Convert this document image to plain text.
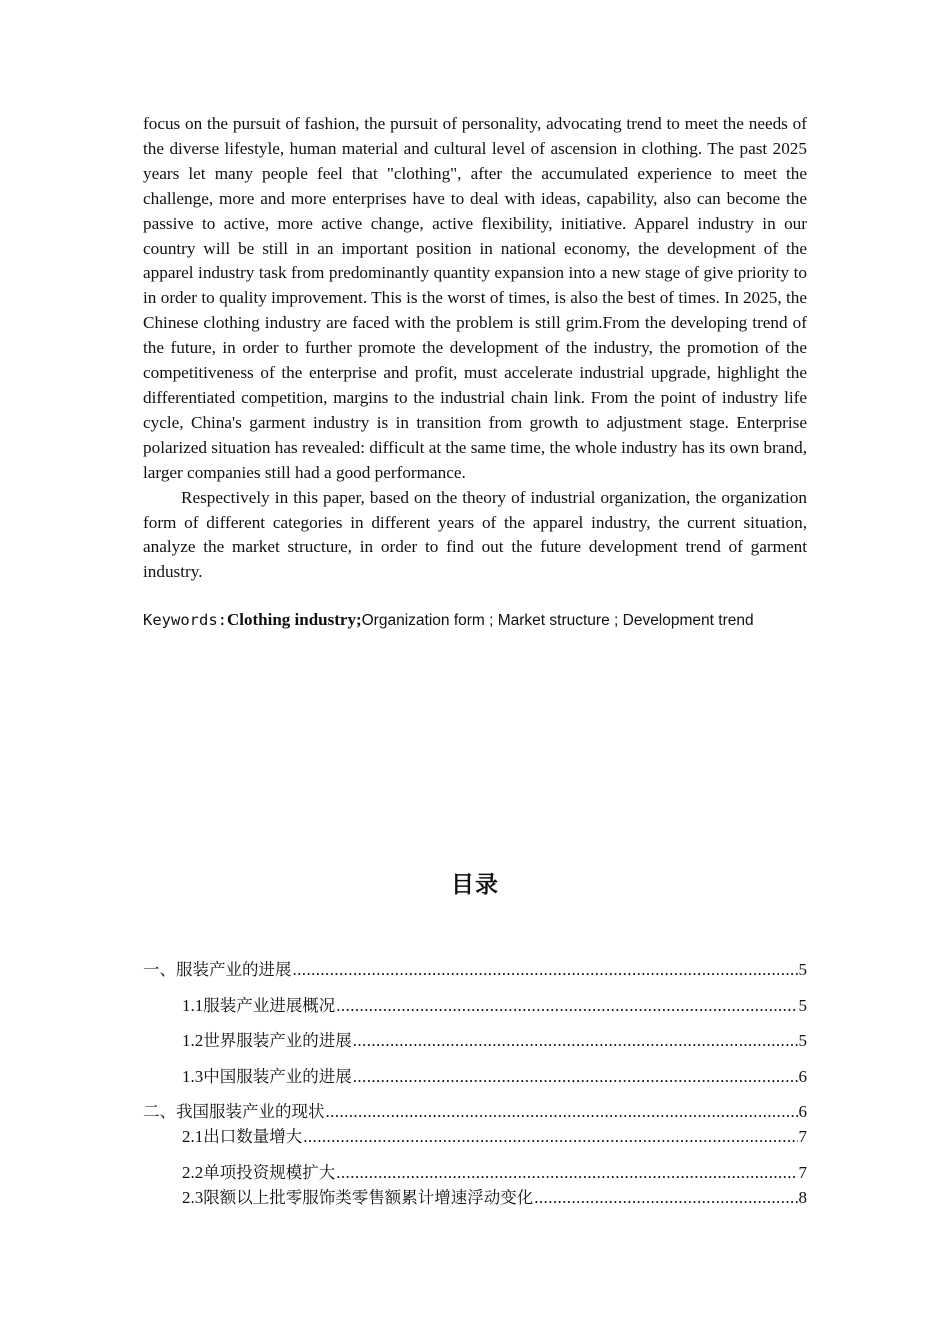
focus on the pursuit of fashion, the pursuit of personality, advocating trend to meet the needs of the diverse lifestyle, human material and cultural level of ascension in clothing. The past 2025 years let many people feel that "clothing", after the accumulated experience to meet the challenge, more and more enterprises have to deal with ideas, capability, also can become the passive to active, more active change, active flexibility, initiative. Apparel industry in our country will be still in an important position in national economy, the development of the apparel industry task from predominantly quantity expansion into a new stage of give priority to in order to quality improvement. This is the worst of times, is also the best of times. In 2025, the Chinese clothing industry are faced with the problem is still grim.From the developing trend of the future, in order to further promote the development of the industry, the promotion of the competitiveness of the enterprise and profit, must accelerate industrial upgrade, highlight the differentiated competition, margins to the industrial chain link. From the point of industry life cycle, China's garment industry is in transition from growth to adjustment stage. Enterprise polarized situation has revealed: difficult at the same time, the whole industry has its own brand, larger companies still had a good performance.

Respectively in this paper, based on the theory of industrial organization, the organization form of different categories in different years of the apparel industry, the current situation, analyze the market structure, in order to find out the future development trend of garment industry.

Keywords:Clothing industry;Organization form ; Market structure ; Development trend
目录
一、服装产业的进展 .....	5
1.1 服装产业进展概况 .....	5
1.2 世界服装产业的进展 .....	5
1.3 中国服装产业的进展 .....	6
二、我国服装产业的现状 .....	6
2.1 出口数量增大 .....	7
2.2 单项投资规模扩大 .....	7
2.3 限额以上批零服饰类零售额累计增速浮动变化 .....	8
